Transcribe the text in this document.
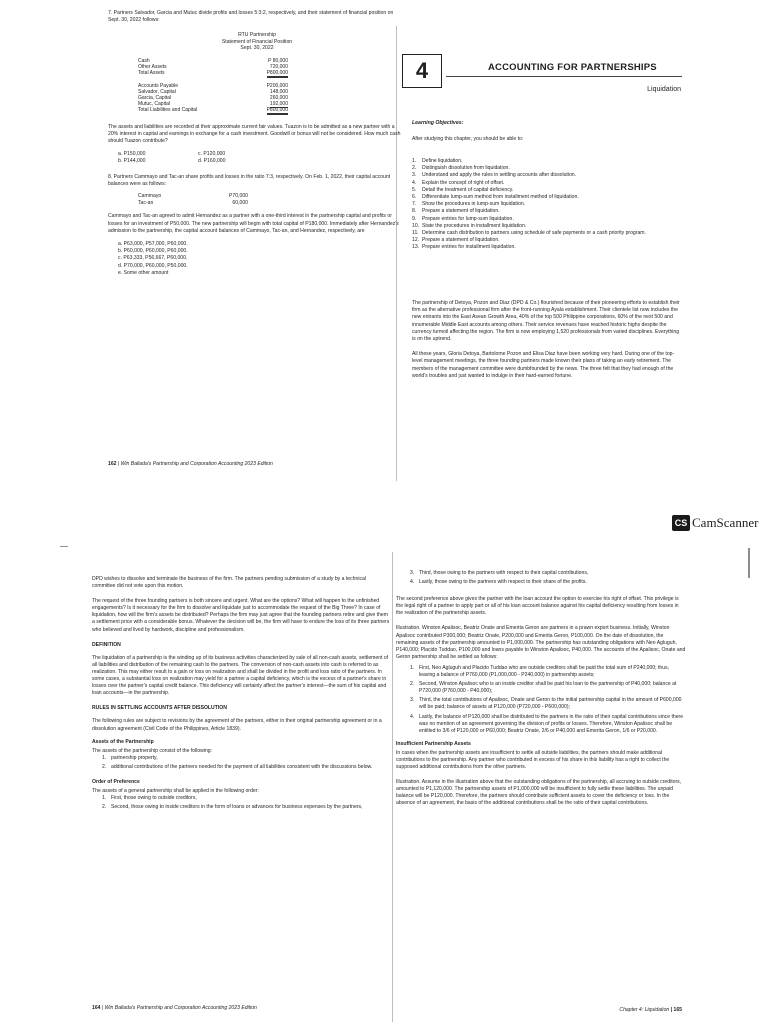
7. Partners Salvador, Garcia and Mutuc divide profits and losses 5:3:2, respectively, and their statement of financial position on Sept. 30, 2022 follows:

RTU Partnership
Statement of Financial Position
Sept. 30, 2022
Cash	P 80,000
Other Assets	720,000
Total Assets	P800,000

Accounts Payable	P200,000
Salvador, Capital	148,000
Garcia, Capital	260,000
Mutuc, Capital	192,000
Total Liabilities and Capital	P800,000

The assets and liabilities are recorded at their approximate current fair values. Tuazon is to be admitted as a new partner with a 20% interest in capital and earnings in exchange for a cash investment. Goodwill or bonus will not be considered. How much cash should Tuazon contribute?

a. P150,000	c. P120,000
b. P144,000	d. P160,000

8. Partners Cammayo and Tac-an share profits and losses in the ratio 7:3, respectively. On Feb. 1, 2022, their capital account balances were as follows:

Cammayo	P70,000
Tac-an	60,000

Cammayo and Tac-an agreed to admit Hernandez as a partner with a one-third interest in the partnership capital and profits or losses for an investment of P50,000. The new partnership will begin with total capital of P180,000. Immediately after Hernandez's admission to the partnership, the capital account balances of Cammayo, Tac-an, and Hernandez, respectively, are

a. P63,000, P57,000, P60,000.
b. P60,000, P60,000, P60,000.
c. P63,333, P56,667, P60,000.
d. P70,000, P60,000, P50,000.
e. Some other amount
162 | Win Ballada's Partnership and Corporation Accounting 2023 Edition
4	ACCOUNTING FOR PARTNERSHIPS
Liquidation
Learning Objectives:
After studying this chapter, you should be able to:
1.	Define liquidation.
2.	Distinguish dissolution from liquidation.
3.	Understand and apply the rules in settling accounts after dissolution.
4.	Explain the concept of right of offset.
5.	Detail the treatment of capital deficiency.
6.	Differentiate lump-sum method from installment method of liquidation.
7.	Show the procedures in lump-sum liquidation.
8.	Prepare a statement of liquidation.
9.	Prepare entries for lump-sum liquidation.
10. State the procedures in installment liquidation.
11. Determine cash distribution to partners using schedule of safe payments or a cash priority program.
12. Prepare a statement of liquidation.
13. Prepare entries for installment liquidation.

The partnership of Detoya, Pozon and Diaz (DPD & Co.) flourished because of their pioneering efforts to establish their firm as the alternative professional firm after the front-running Ayala establishment. Their clientele list now includes the new entrants into the East Asean Growth Area, 40% of the top 500 Philippine corporations, 60% of the next 500 and innumerable Middle East accounts among others. Their service revenues have reached historic highs despite the currency turmoil affecting the region. The firm is now employing 1,520 professionals from varied disciplines. Everything is on the uptrend.

All these years, Gloria Detoya, Bartolome Pozon and Elisa Diaz have been working very hard. During one of the top-level management meetings, the three founding partners made known their plans of taking an early retirement. The members of the management committee were dumbfounded by the news. The three felt that they had enough of the world's troubles and just wanted to indulge in their hard-earned fortune.

CS CamScanner

DPD wishes to dissolve and terminate the business of the firm. The partners pending submission of a study by a technical committee did not vote upon this motion.

The request of the three founding partners is both sincere and urgent. What are the options? What will happen to the unfinished engagements? Is it necessary for the firm to dissolve and liquidate just to accommodate the request of the Big Three? In case of liquidation, how will the firm's assets be distributed? Perhaps the firm may just agree that the founding partners retire and give them a settlement price with a considerable bonus. Whatever the decision will be, the firm will have to endure the loss of its three partners who believed and lived by hardwork, discipline and professionalism.

DEFINITION

The liquidation of a partnership is the winding up of its business activities characterized by sale of all non-cash assets, settlement of all liabilities and distribution of the remaining cash to the partners. The conversion of non-cash assets into cash is referred to as realization. This may either result to a gain or loss on realization and shall be divided in the profit and loss ratio of the partners. In some cases, a substantial loss on realization may yield for a partner a capital deficiency, which is the excess of a partner's share in losses over the partner's capital credit balance. This deficiency will certainly affect the partner's interest—the sum of his capital and loan accounts—in the partnership.

RULES IN SETTLING ACCOUNTS AFTER DISSOLUTION

The following rules are subject to revisions by the agreement of the partners, either in their original partnership agreement or in a dissolution agreement (Civil Code of the Philippines, Article 1839).

Assets of the Partnership

The assets of the partnership consist of the following:

1. partnership property,
2. additional contributions of the partners needed for the payment of all liabilities consistent with the discussions below.
Order of Preference

The assets of a general partnership shall be applied in the following order:

1. First, those owing to outside creditors,
2. Second, those owing to inside creditors in the form of loans or advances for business expenses by the partners,
164 | Win Ballada's Partnership and Corporation Accounting 2023 Edition
3. Third, those owing to the partners with respect to their capital contributions,
4. Lastly, those owing to the partners with respect to their share of the profits.

The second preference above gives the partner with the loan account the option to exercise his right of offset. This privilege is the legal right of a partner to apply part or all of his loan account balance against his capital deficiency resulting from losses in the realization of the partnership assets.

Illustration. Winston Apalisoc, Beatriz Onate and Emerita Geron are partners in a prawn export business. Initially, Winston Apalisoc contributed P300,000; Beatriz Onate, P200,000 and Emerita Geron, P100,000. On the date of dissolution, the remaining assets of the partnership amounted to P1,000,000. The partnership has outstanding obligations with Neo Agluguh, P140,000; Placido Tuddao, P100,000 and loans payable to Winston Apalisoc, P40,000. The accounts of the Apalisoc, Onate and Geron partnership shall be settled as follows:

1. First, Neo Agluguh and Placido Tuddao who are outside creditors shall be paid the total sum of P240,000; thus, leaving a balance of P760,000 (P1,000,000 - P240,000) in partnership assets;
2. Second, Winston Apalisoc who is an inside creditor shall be paid his loan to the partnership of P40,000; balance at P720,000 (P760,000 - P40,000);
3. Third, the total contributions of Apalisoc, Onate and Geron to the initial partnership capital in the amount of P600,000 will be paid; balance of assets at P120,000 (P720,000 - P600,000);
4. Lastly, the balance of P120,000 shall be distributed to the partners in the ratio of their capital contributions since there was no mention of an agreement governing the division of profits or losses. Therefore, Winston Apalisoc shall be entitled to 3/6 of P120,000 or P60,000; Beatriz Onate, 2/6 or P40,000 and Emerita Geron, 1/6 or P20,000.
Insufficient Partnership Assets

In cases when the partnership assets are insufficient to settle all outside liabilities, the partners should make additional contributions to the partnership. Any partner who contributed in excess of his share in this liability has a right to collect the supposed additional contributions from the other partners.

Illustration. Assume in the illustration above that the outstanding obligations of the partnership, all accruing to outside creditors, amounted to P1,120,000. The partnership assets of P1,000,000 will be insufficient to fully settle these liabilities. The unpaid balance will be P120,000. Therefore, the partners should contribute sufficient assets to cover the deficiency or loss. In the absence of an agreement, the basis of the additional contributions shall be the ratio of their capital contributions.

Chapter 4: Liquidation | 165
